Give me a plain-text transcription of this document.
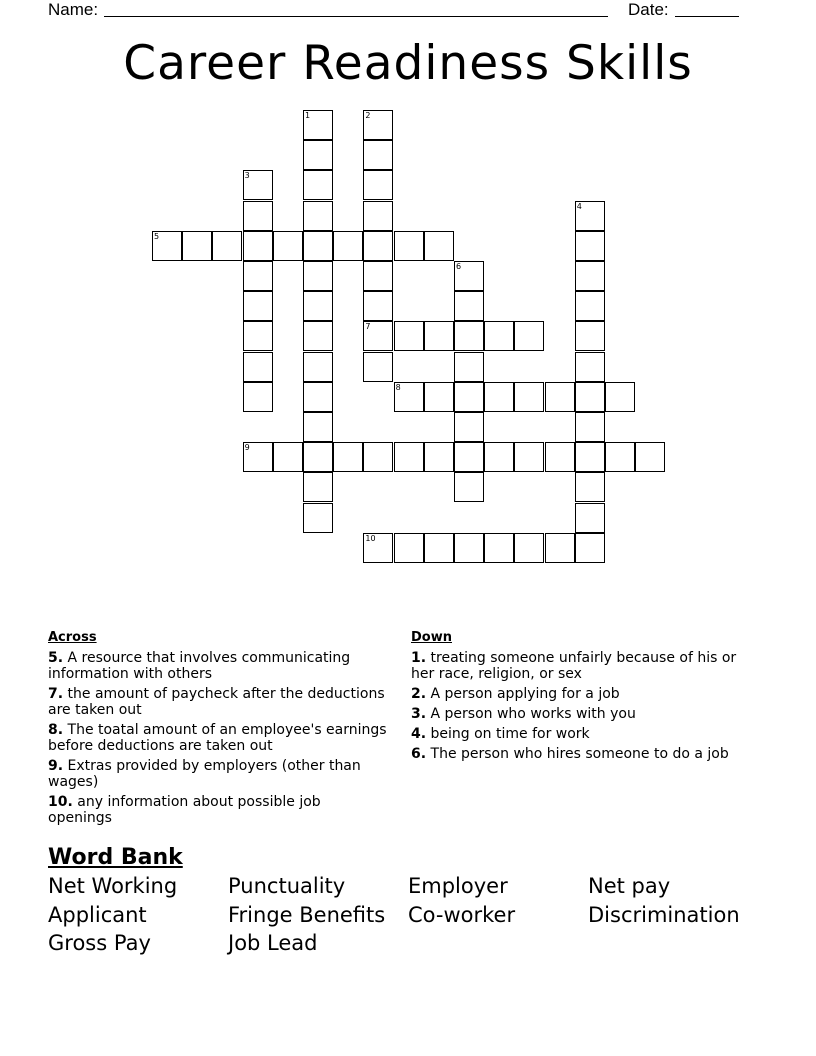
Name:	Date:
Career Readiness Skills
1	2
3
4
5
6
7
8
9
10
Across
5. A resource that involves communicating information with others
7. the amount of paycheck after the deductions are taken out
8. The toatal amount of an employee's earnings before deductions are taken out
9. Extras provided by employers (other than wages)
10. any information about possible job openings
Down
1. treating someone unfairly because of his or her race, religion, or sex
2. A person applying for a job
3. A person who works with you
4. being on time for work
6. The person who hires someone to do a job
Word Bank
Net Working	Punctuality	Employer	Net pay
Applicant	Fringe Benefits	Co-worker	Discrimination
Gross Pay	Job Lead
